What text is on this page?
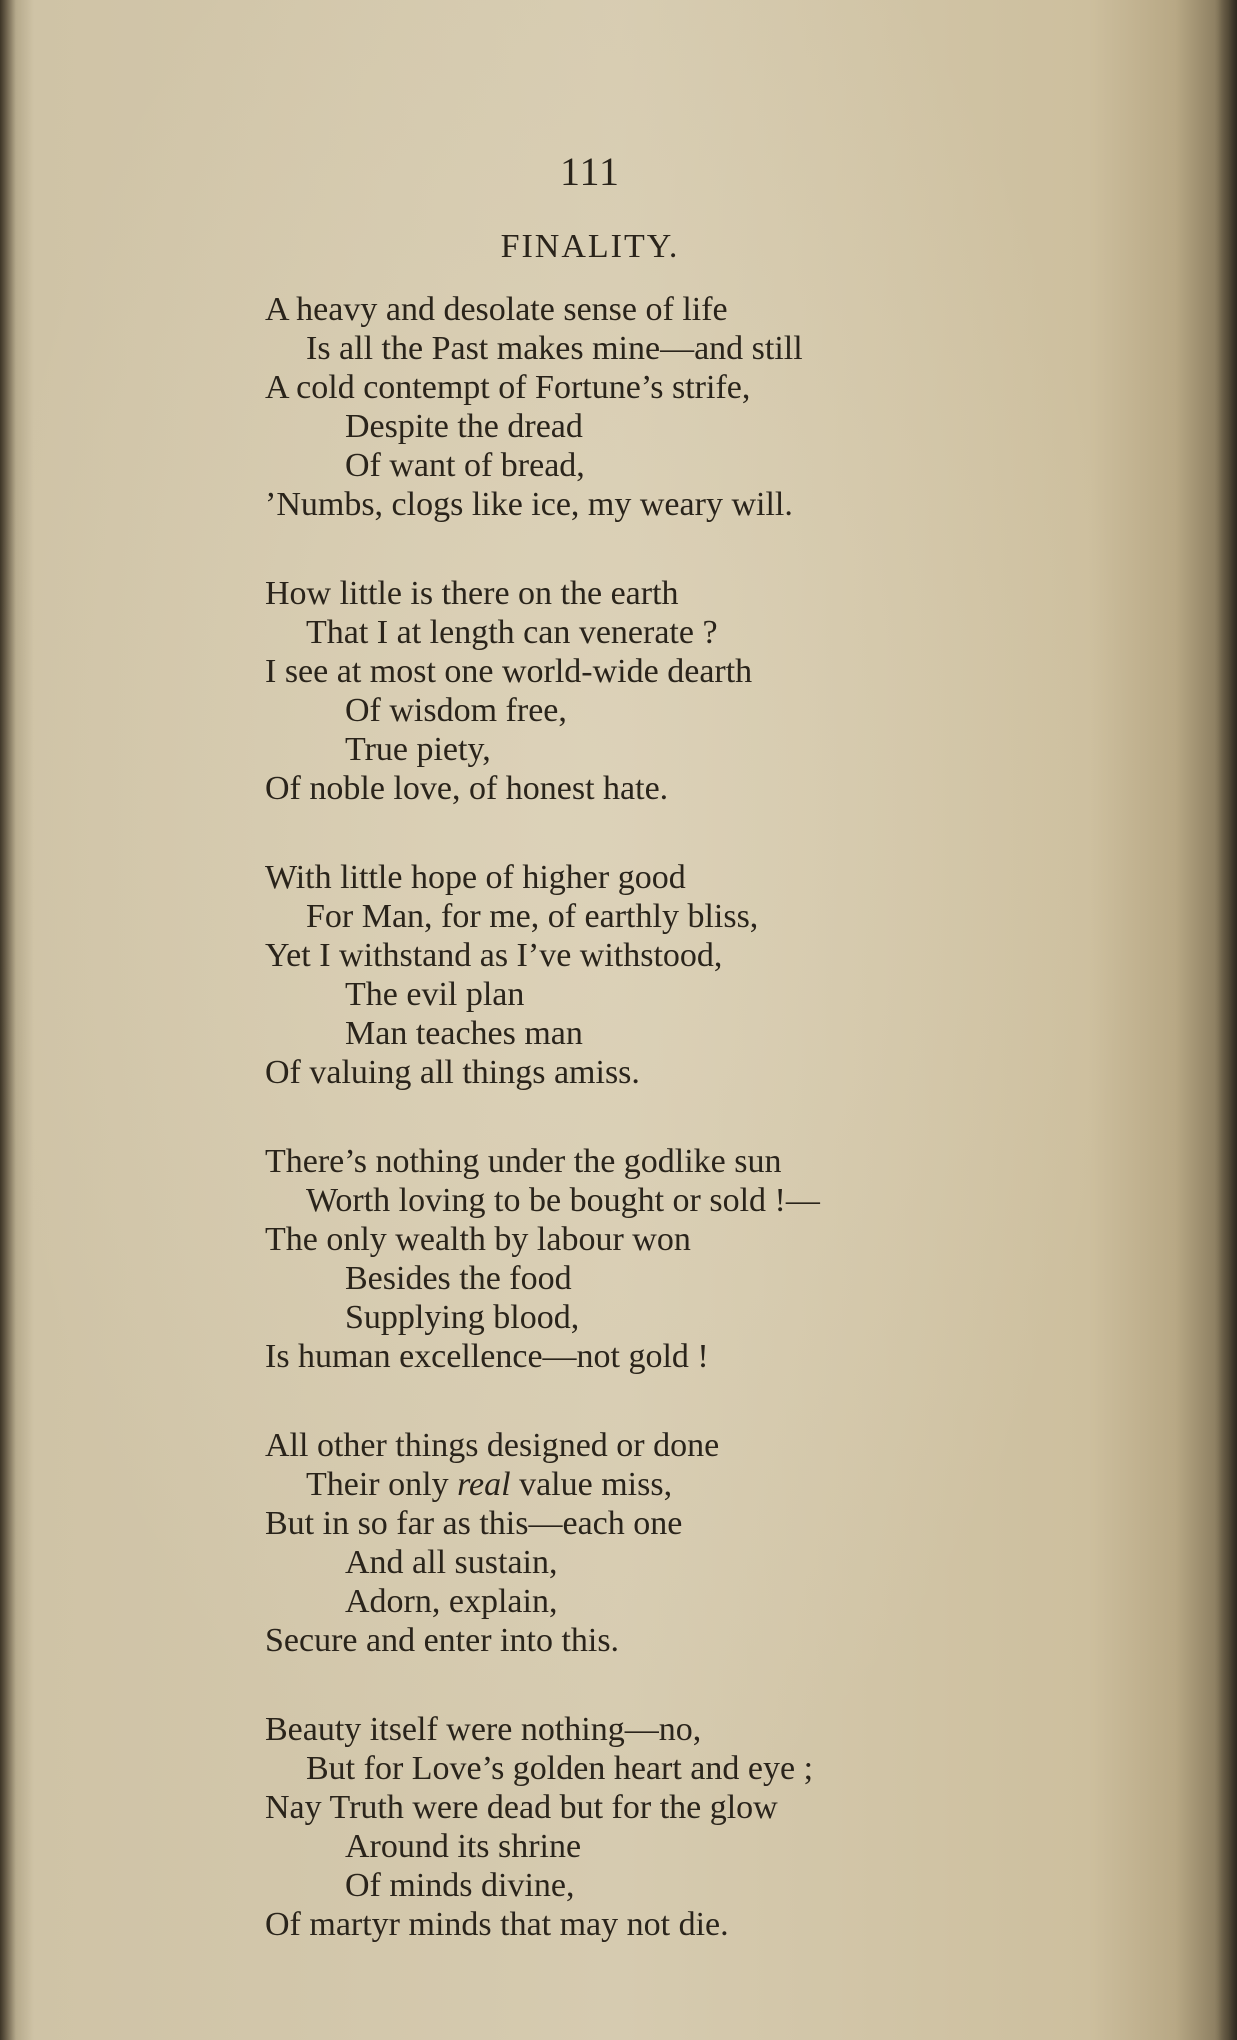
111
FINALITY.
A heavy and desolate sense of life
Is all the Past makes mine—and still
A cold contempt of Fortune’s strife,
Despite the dread
Of want of bread,
’Numbs, clogs like ice, my weary will.
How little is there on the earth
That I at length can venerate ?
I see at most one world-wide dearth
Of wisdom free,
True piety,
Of noble love, of honest hate.
With little hope of higher good
For Man, for me, of earthly bliss,
Yet I withstand as I’ve withstood,
The evil plan
Man teaches man
Of valuing all things amiss.
There’s nothing under the godlike sun
Worth loving to be bought or sold !—
The only wealth by labour won
Besides the food
Supplying blood,
Is human excellence—not gold !
All other things designed or done
Their only real value miss,
But in so far as this—each one
And all sustain,
Adorn, explain,
Secure and enter into this.
Beauty itself were nothing—no,
But for Love’s golden heart and eye ;
Nay Truth were dead but for the glow
Around its shrine
Of minds divine,
Of martyr minds that may not die.
